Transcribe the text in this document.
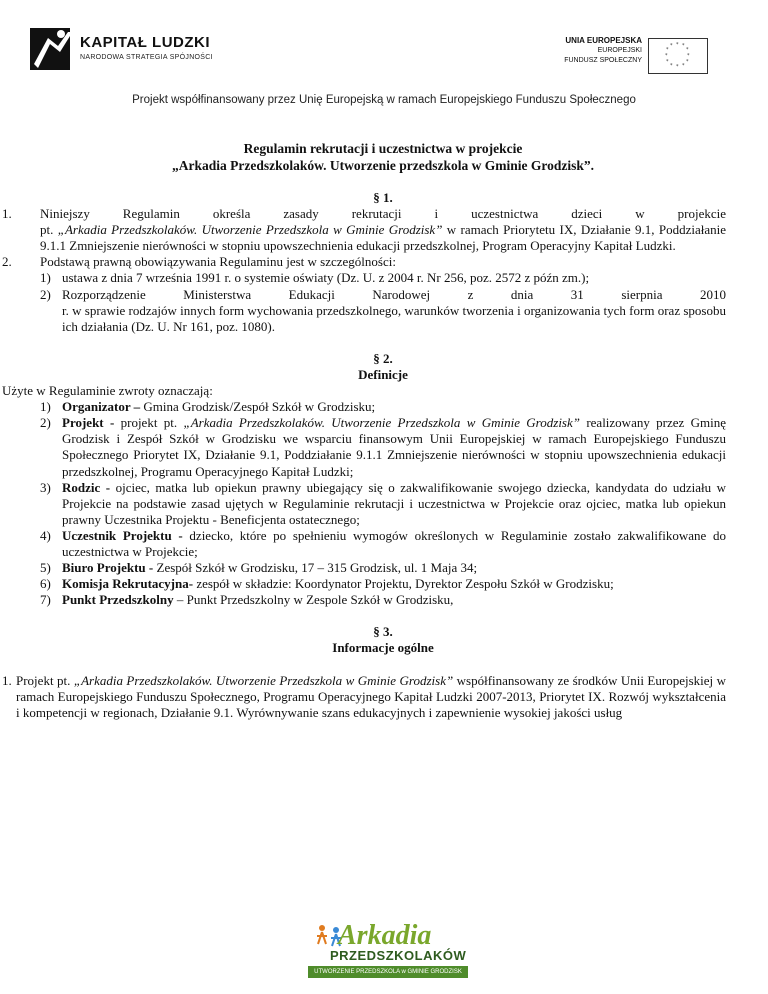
KAPITAŁ LUDZKI
NARODOWA STRATEGIA SPÓJNOŚCI
UNIA EUROPEJSKA
EUROPEJSKI
FUNDUSZ SPOŁECZNY
* *
*
*
*
*
*
*
*
*
*
*
Projekt współfinansowany przez Unię Europejską w ramach Europejskiego Funduszu Społecznego
Regulamin rekrutacji i uczestnictwa w projekcie
„Arkadia Przedszkolaków. Utworzenie przedszkola w Gminie Grodzisk”.
§ 1.
1. Niniejszy Regulamin określa zasady rekrutacji i uczestnictwa dzieci w projekcie
pt. „Arkadia Przedszkolaków. Utworzenie Przedszkola w Gminie Grodzisk” w ramach Priorytetu IX, Działanie 9.1, Poddziałanie 9.1.1 Zmniejszenie nierówności w stopniu upowszechnienia edukacji przedszkolnej, Program Operacyjny Kapitał Ludzki.
2. Podstawą prawną obowiązywania Regulaminu jest w szczególności:
1) ustawa z dnia 7 września 1991 r. o systemie oświaty (Dz. U. z 2004 r. Nr 256, poz. 2572 z późn zm.);
2) Rozporządzenie Ministerstwa Edukacji Narodowej z dnia 31 sierpnia 2010
r. w sprawie rodzajów innych form wychowania przedszkolnego, warunków tworzenia i organizowania tych form oraz sposobu ich działania (Dz. U. Nr 161, poz. 1080).
§ 2.
Definicje
Użyte w Regulaminie zwroty oznaczają:
1) Organizator – Gmina Grodzisk/Zespół Szkół w Grodzisku;
2) Projekt - projekt pt. „Arkadia Przedszkolaków. Utworzenie Przedszkola w Gminie Grodzisk” realizowany przez Gminę Grodzisk i Zespół Szkół w Grodzisku we wsparciu finansowym Unii Europejskiej w ramach Europejskiego Funduszu Społecznego Priorytet IX, Działanie 9.1, Poddziałanie 9.1.1 Zmniejszenie nierówności w stopniu upowszechnienia edukacji przedszkolnej, Programu Operacyjnego Kapitał Ludzki;
3) Rodzic - ojciec, matka lub opiekun prawny ubiegający się o zakwalifikowanie swojego dziecka, kandydata do udziału w Projekcie na podstawie zasad ujętych w Regulaminie rekrutacji i uczestnictwa w Projekcie oraz ojciec, matka lub opiekun prawny Uczestnika Projektu - Beneficjenta ostatecznego;
4) Uczestnik Projektu - dziecko, które po spełnieniu wymogów określonych w Regulaminie zostało zakwalifikowane do uczestnictwa w Projekcie;
5) Biuro Projektu - Zespół Szkół w Grodzisku, 17 – 315 Grodzisk, ul. 1 Maja 34;
6) Komisja Rekrutacyjna- zespół w składzie: Koordynator Projektu, Dyrektor Zespołu Szkół w Grodzisku;
7) Punkt Przedszkolny – Punkt Przedszkolny w Zespole Szkół w Grodzisku,
§ 3.
Informacje ogólne
1. Projekt pt. „Arkadia Przedszkolaków. Utworzenie Przedszkola w Gminie Grodzisk” współfinansowany ze środków Unii Europejskiej w ramach Europejskiego Funduszu Społecznego, Programu Operacyjnego Kapitał Ludzki 2007-2013, Priorytet IX. Rozwój wykształcenia i kompetencji w regionach, Działanie 9.1. Wyrównywanie szans edukacyjnych i zapewnienie wysokiej jakości usług
Arkadia
PRZEDSZKOLAKÓW
UTWORZENIE PRZEDSZKOLA w GMINIE GRODZISK
